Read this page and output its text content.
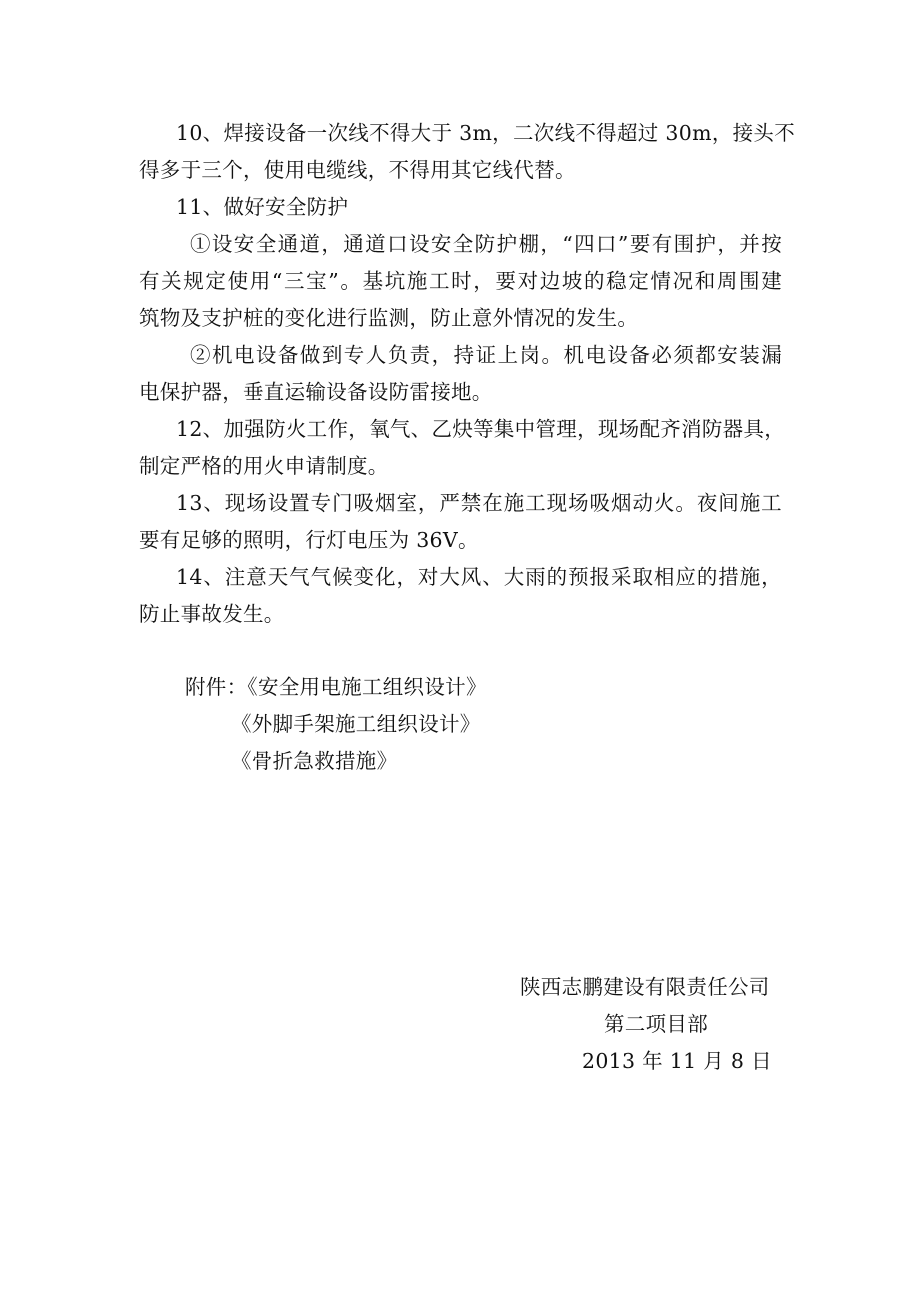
10、焊接设备一次线不得大于 3m，二次线不得超过 30m，接头不
得多于三个，使用电缆线，不得用其它线代替。
11、做好安全防护
①设安全通道，通道口设安全防护棚，“四口”要有围护，并按
有关规定使用“三宝”。基坑施工时，要对边坡的稳定情况和周围建
筑物及支护桩的变化进行监测，防止意外情况的发生。
②机电设备做到专人负责，持证上岗。机电设备必须都安装漏
电保护器，垂直运输设备设防雷接地。
12、加强防火工作，氧气、乙炔等集中管理，现场配齐消防器具，
制定严格的用火申请制度。
13、现场设置专门吸烟室，严禁在施工现场吸烟动火。夜间施工
要有足够的照明，行灯电压为 36V。
14、注意天气气候变化，对大风、大雨的预报采取相应的措施，
防止事故发生。
附件：《安全用电施工组织设计》
《外脚手架施工组织设计》
《骨折急救措施》
陕西志鹏建设有限责任公司
第二项目部
2013 年 11 月 8 日
